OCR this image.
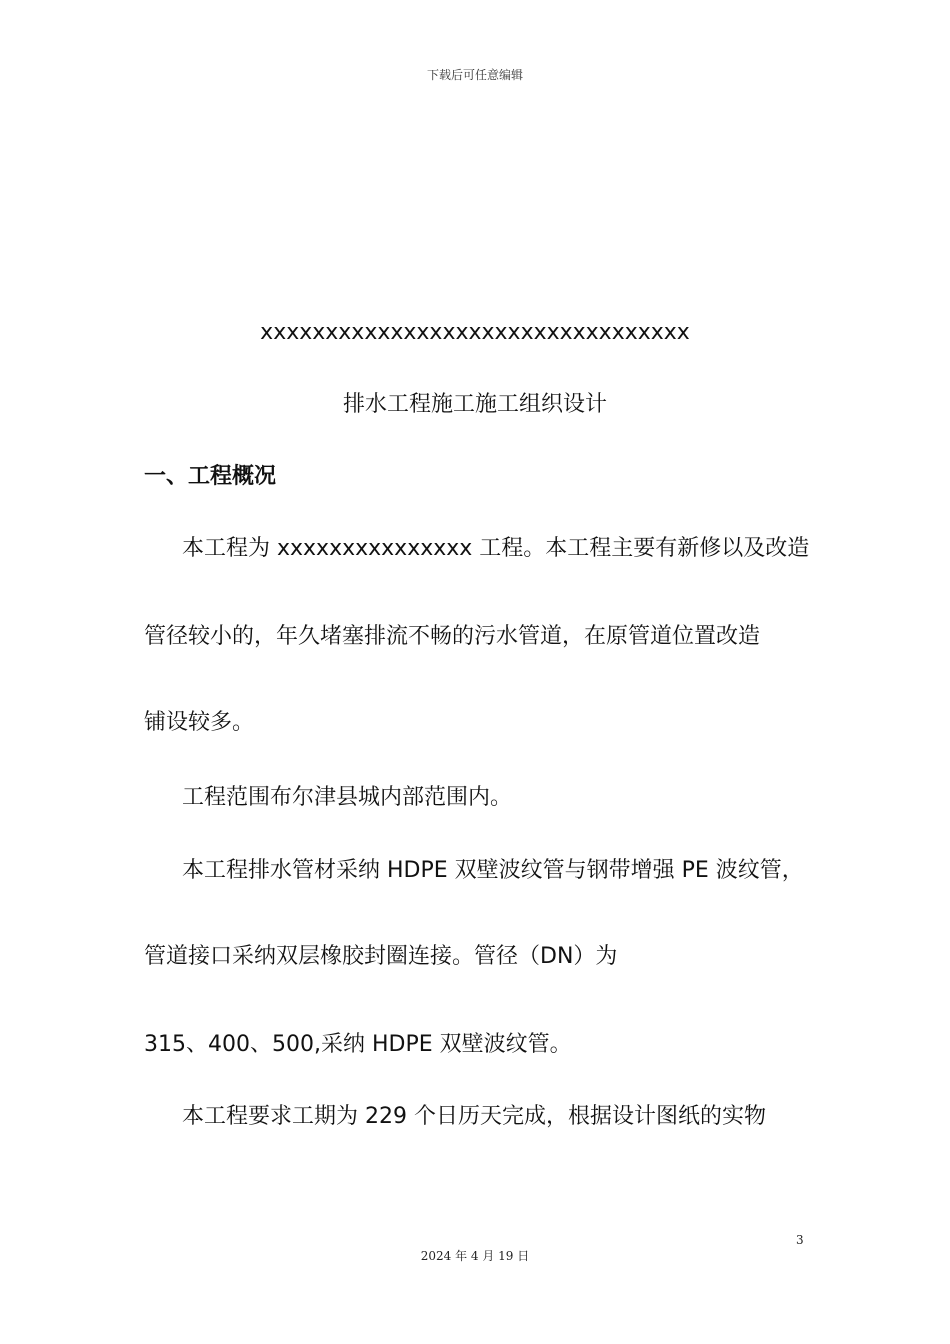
下载后可任意编辑
xxxxxxxxxxxxxxxxxxxxxxxxxxxxxxxxx
排水工程施工施工组织设计
一、工程概况
本工程为 xxxxxxxxxxxxxxx 工程。本工程主要有新修以及改造
管径较小的，年久堵塞排流不畅的污水管道，在原管道位置改造
铺设较多。
工程范围布尔津县城内部范围内。
本工程排水管材采纳 HDPE 双壁波纹管与钢带增强 PE 波纹管，
管道接口采纳双层橡胶封圈连接。管径（DN）为
315、400、500,采纳 HDPE 双壁波纹管。
本工程要求工期为 229 个日历天完成，根据设计图纸的实物
3
2024 年 4 月 19 日
